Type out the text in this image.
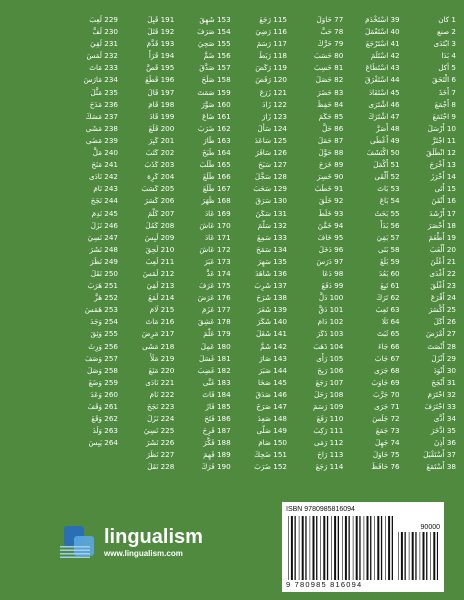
1 كان
2 صنع
3 ابْتَدَى
4 بَدَا
5 أكل
6 الْتَحَقَ
7 أَخَذَ
8 أَجْمَعَ
9 اجْتَمَعَ
10 أَرْسَلَ
11 اجْتَرَّ
12 انْطَلَقَ
13 أَخْرَجَ
14 أَحْرَزَ
15 أَتَى
16 أَتْقَنَ
17 أَرْشَدَ
18 أَحْصَرَ
19 أَطْعَمَ
20 أَلْعَبَ
21 أَعْلَنَ
22 أَغْدَى
23 أَغْلَقَ
24 أَقْرَعَ
25 أَكْسَرَ
26 أَكَلَ
27 أَمْرَضَ
28 أَنْصَتَ
29 أَنْزَلَ
30 أَنْوَدَ
31 أَنْجَحَ
32 احْتَرَمَ
33 احْتَرَفَ
34 أَدَّى
35 ادَّخَرَ
36 أَذِنَ
37 أَسْتَقْبَلَ
38 أَسْتَمَعَ
39 اسْتَخْدَمَ
40 اسْتَعْمَلَ
41 اسْتَرْجَعَ
42 اسْتَلَمَ
43 اسْتَطَاعَ
44 اسْتَغْرَقَ
45 اسْتَفَادَ
46 اشْتَرَى
47 اشْتَرَكَ
48 أَصَرَّ
49 أَعْطَى
50 اكْتَشَفَ
51 أَكْمَلَ
52 أَلْقَى
53 بَاتَ
54 بَاعَ
55 بَحَثَ
56 بَدَأَ
57 بَقِيَ
58 بَنَى
59 بَلَغَ
60 بَعُدَ
61 تَبِعَ
62 تَرَكَ
63 تَعِبَ
64 تَلَا
65 ثَبَتَ
66 جَاءَ
67 جَابَ
68 جَرَى
69 جَاوَبَ
70 جَرَّبَ
71 جَرَى
72 جَلَسَ
73 جَمَعَ
74 جَهِلَ
75 حَاوَلَ
76 حَافَظَ
77 حَاوَلَ
78 حَبَّ
79 حَرَّكَ
80 حَسَبَ
81 حَسِبَ
82 حَصَلَ
83 حَضَرَ
84 حَفِظَ
85 حَكَمَ
86 حَلَّ
87 حَمَلَ
88 حَوَّلَ
89 خَرَجَ
90 خَسِرَ
91 خَطَبَ
92 خَلَقَ
93 خَلَطَ
94 خَمَّنَ
95 خَافَ
96 دَخَلَ
97 دَرَسَ
98 دَعَا
99 دَفَعَ
100 دَلَّ
101 دَقَّ
102 دَامَ
103 ذَكَرَ
104 ذَهَبَ
105 رَأَى
106 رَبِحَ
107 رَجَعَ
108 رَحَلَ
109 رَسَمَ
110 رَفَعَ
111 رَكِبَ
112 رَمَى
113 رَاحَ
114 رَجَعَ
115 رَجَعَ
116 رَضِيَ
117 رَسَمَ
118 رَبَطَ
119 رَكَضَ
120 رَفَضَ
121 زَرَعَ
122 زَادَ
123 زَارَ
124 سَأَلَ
125 سَاعَدَ
126 سَافَرَ
127 سَبَحَ
128 سَجَّلَ
129 سَحَبَ
130 سَرَقَ
131 سَكَنَ
132 سَلَّمَ
133 سَمِعَ
134 سَمَحَ
135 سَهِرَ
136 شَاهَدَ
137 شَرِبَ
138 شَرَحَ
139 شَعَرَ
140 شَكَرَ
141 شَغَلَ
142 شَمَّ
143 صَارَ
144 صَبَرَ
145 صَحَا
146 صَدَقَ
147 صَرَخَ
148 صَعِدَ
149 صَلَّى
150 صَامَ
151 ضَحِكَ
152 ضَرَبَ
153 شَهِقَ
154 صَرَفَ
155 صَحِيَ
156 ضَمَّ
157 صَدَّقَ
158 صَلَحَ
159 صَمَتَ
160 صَوَّرَ
161 ضَاعَ
162 ضَرَبَ
163 طَارَ
164 طَبَخَ
165 طَلَبَ
166 طَلَعَ
167 طَلَعَ
168 ظَهَرَ
169 عَادَ
170 عَاشَ
171 عَادَ
172 عَاشَ
173 عَبَرَ
174 عَدَّ
175 عَرَفَ
176 عَرَضَ
177 عَزَمَ
178 عَشِقَ
179 عَلَّمَ
180 عَمِلَ
181 غَسَلَ
182 غَضِبَ
183 غَنَّى
184 فَاتَ
185 فَازَ
186 فَتَحَ
187 فَرِحَ
188 فَكَّرَ
189 فَهِمَ
190 فَرَكَ
191 قَبِلَ
192 قَتَلَ
193 قَدَّمَ
194 قَرَأَ
195 قَصَّ
196 قَطَعَ
197 قَالَ
198 قَامَ
199 قَادَ
200 قَلَعَ
201 كَبِرَ
202 كَتَبَ
203 كَذَبَ
204 كَرِهَ
205 كَسَبَ
206 كَسَرَ
207 كَلَّمَ
208 كَمُلَ
209 لَبِسَ
210 لَحِقَ
211 لَعِبَ
212 لَمَسَ
213 لَقِيَ
214 لَمَعَ
215 لَامَ
216 مَاتَ
217 مَرِضَ
218 مَشَى
219 مَلَأَ
220 مَنَعَ
221 نَادَى
222 نَامَ
223 نَجَحَ
224 نَزَلَ
225 نَسِيَ
226 نَشَرَ
227 نَظَرَ
228 نَقَلَ
229 لَعِبَ
230 لَفَّ
231 لَقِيَ
232 لَمَسَ
233 مَاتَ
234 مَارَسَ
235 مَثَّلَ
236 مَدَحَ
237 مَسَكَ
238 مَشَى
239 مَضَى
240 مَلَّ
241 مَنَحَ
242 نَادَى
243 نَامَ
244 نَجَحَ
245 نَدِمَ
246 نَزَلَ
247 نَسِيَ
248 نَشَرَ
249 نَظَرَ
250 نَقَلَ
251 هَرَبَ
252 هَزَّ
253 هَمَسَ
254 وَجَدَ
255 وَثِقَ
256 وَرِثَ
257 وَصَفَ
258 وَصَلَ
259 وَضَعَ
260 وَعَدَ
261 وَقَفَ
262 وَقَعَ
263 وَلَدَ
264 يَبِسَ
lingualism
www.lingualism.com
ISBN 9780985816094
90000
9 780985 816094
